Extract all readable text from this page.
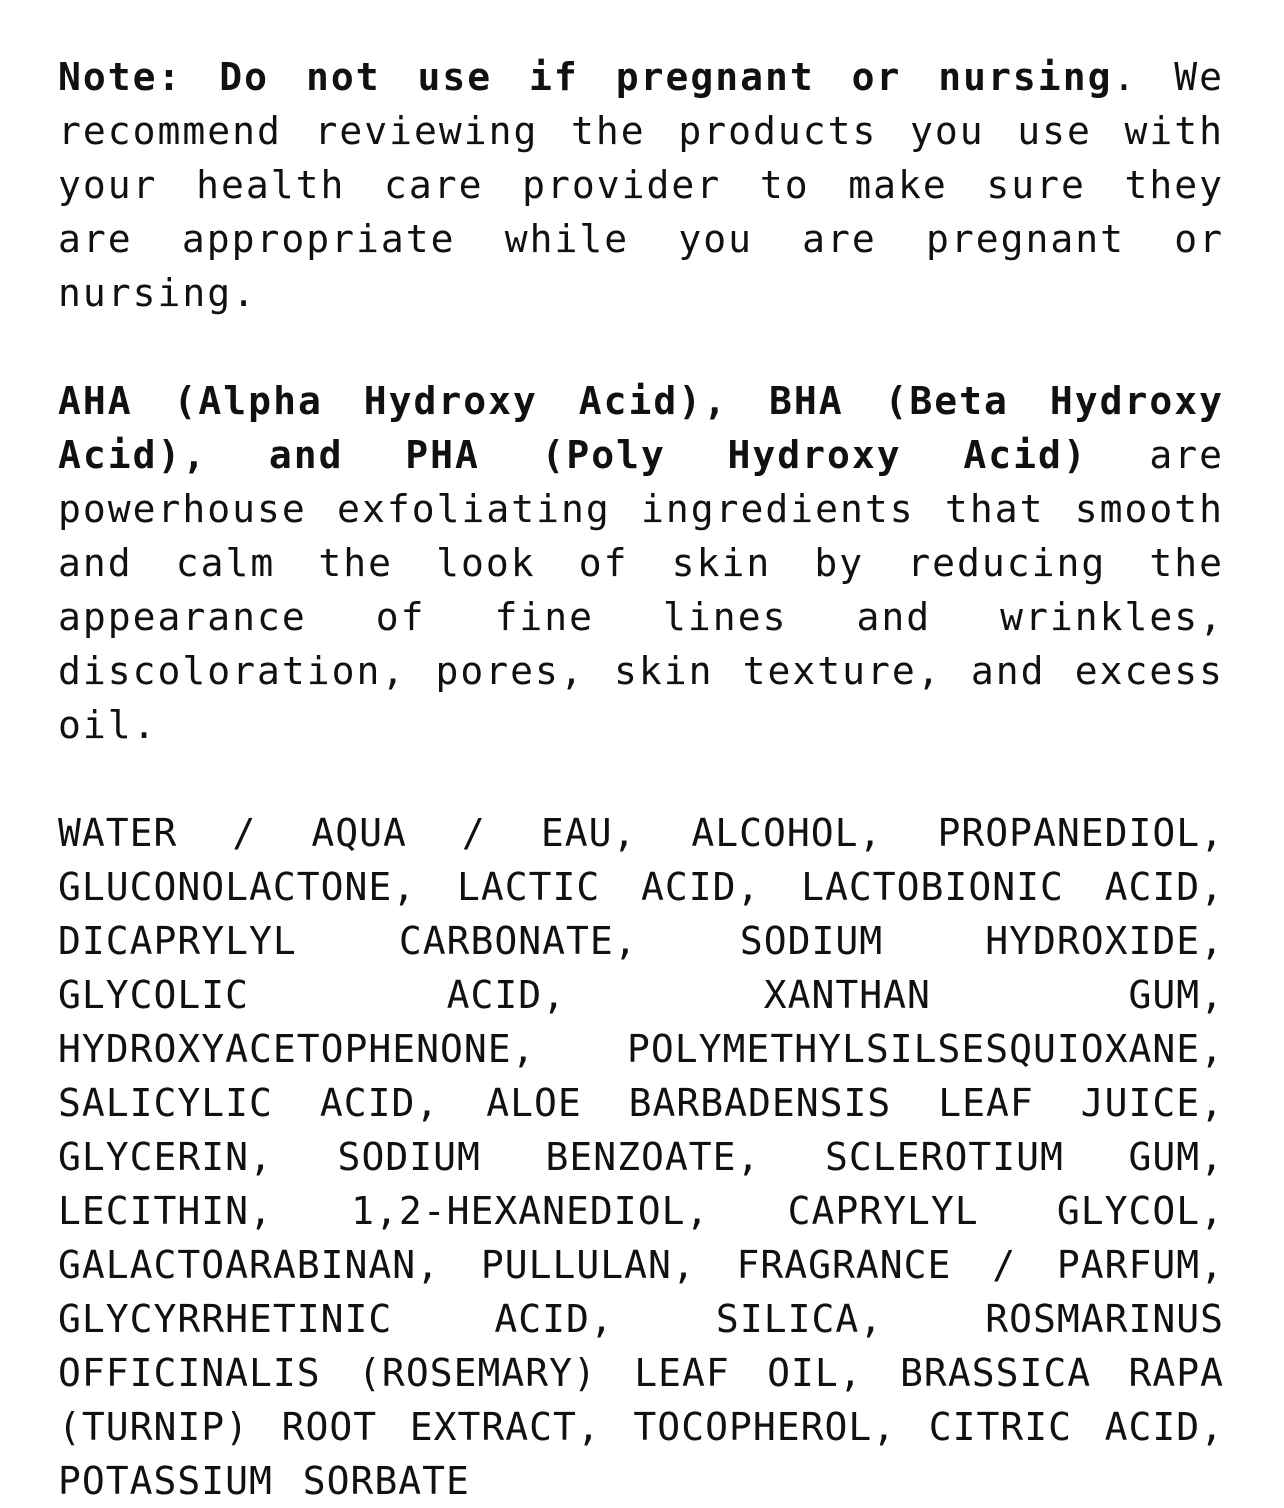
Note: Do not use if pregnant or nursing. We recommend reviewing the products you use with your health care provider to make sure they are appropriate while you are pregnant or nursing.

AHA (Alpha Hydroxy Acid), BHA (Beta Hydroxy Acid), and PHA (Poly Hydroxy Acid) are powerhouse exfoliating ingredients that smooth and calm the look of skin by reducing the appearance of fine lines and wrinkles, discoloration, pores, skin texture, and excess oil.

WATER / AQUA / EAU, ALCOHOL, PROPANEDIOL, GLUCONOLACTONE, LACTIC ACID, LACTOBIONIC ACID, DICAPRYLYL CARBONATE, SODIUM HYDROXIDE, GLYCOLIC ACID, XANTHAN GUM, HYDROXYACETOPHENONE, POLYMETHYLSILSESQUIOXANE, SALICYLIC ACID, ALOE BARBADENSIS LEAF JUICE, GLYCERIN, SODIUM BENZOATE, SCLEROTIUM GUM, LECITHIN, 1,2-HEXANEDIOL, CAPRYLYL GLYCOL, GALACTOARABINAN, PULLULAN, FRAGRANCE / PARFUM, GLYCYRRHETINIC ACID, SILICA, ROSMARINUS OFFICINALIS (ROSEMARY) LEAF OIL, BRASSICA RAPA (TURNIP) ROOT EXTRACT, TOCOPHEROL, CITRIC ACID, POTASSIUM SORBATE
